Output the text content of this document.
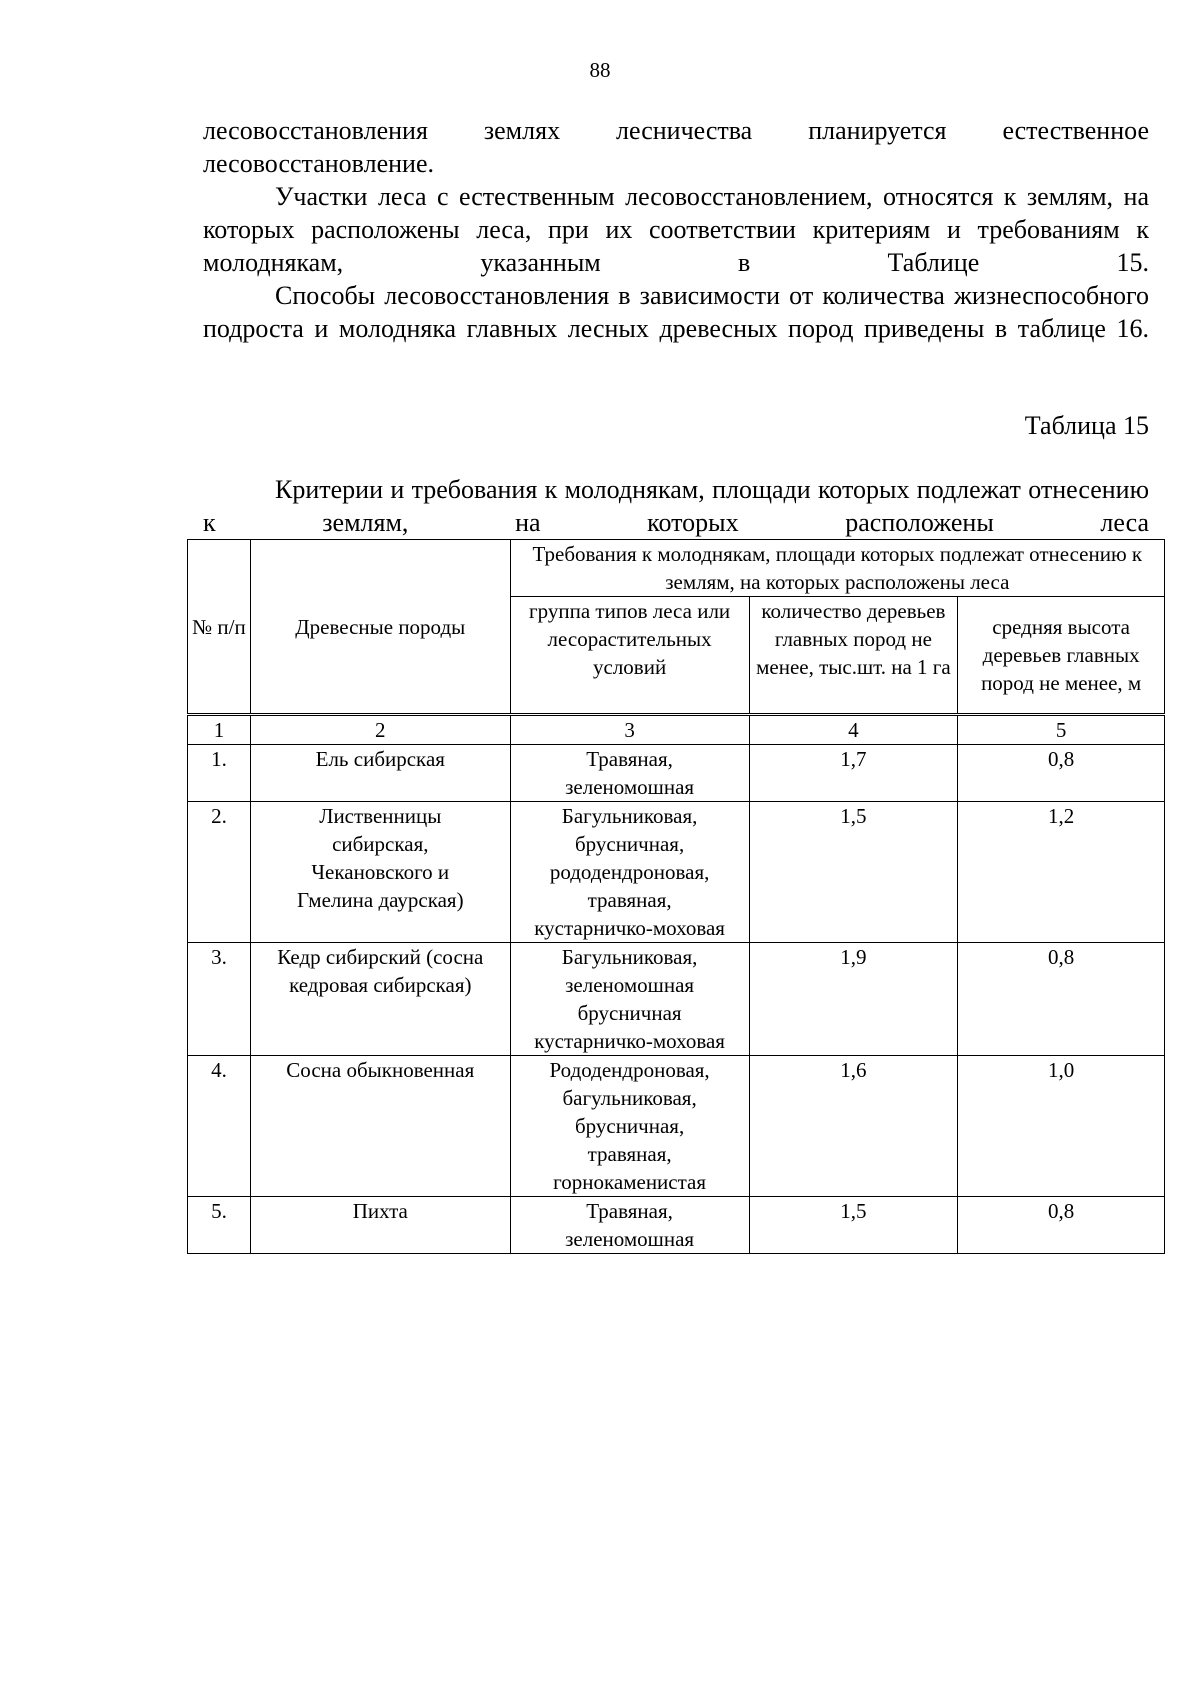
88
лесовосстановления землях лесничества планируется естественное
лесовосстановление.
Участки леса с естественным лесовосстановлением, относятся к землям, на которых расположены леса, при их соответствии критериям и требованиям к молоднякам, указанным в Таблице 15.
Способы лесовосстановления в зависимости от количества жизнеспособного подроста и молодняка главных лесных древесных пород приведены в таблице 16.
Таблица 15
Критерии и требования к молоднякам, площади которых подлежат отнесению к землям, на которых расположены леса
№ п/п	Древесные породы	Требования к молоднякам, площади которых подлежат отнесению к землям, на которых расположены леса		
		группа типов леса или лесорастительных условий	количество деревьев главных пород не менее, тыс.шт. на 1 га	средняя высота деревьев главных пород не менее, м
1	2	3	4	5
1.	Ель сибирская	Травяная, зеленомошная	1,7	0,8
2.	Лиственницы сибирская, Чекановского и Гмелина даурская)	Багульниковая, брусничная, рододендроновая, травяная, кустарничко-моховая	1,5	1,2
3.	Кедр сибирский (сосна кедровая сибирская)	Багульниковая, зеленомошная брусничная кустарничко-моховая	1,9	0,8
4.	Сосна обыкновенная	Рододендроновая, багульниковая, брусничная, травяная, горнокаменистая	1,6	1,0
5.	Пихта	Травяная, зеленомошная	1,5	0,8
